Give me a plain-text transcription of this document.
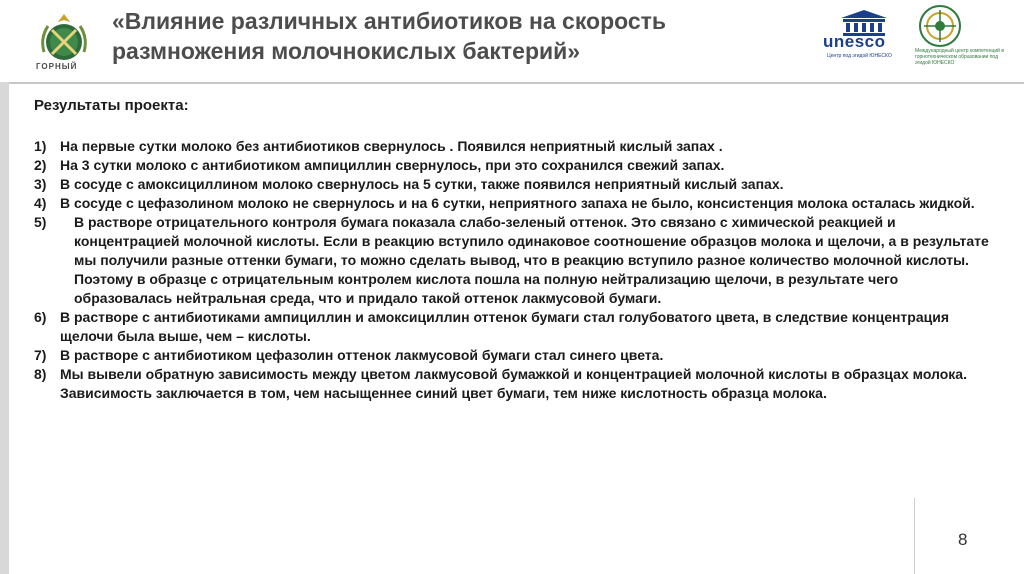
ГОРНЫЙ
«Влияние различных антибиотиков на скорость размножения молочнокислых бактерий»	unesco
Центр под эгидой ЮНЕСКО
Международный центр компетенций в горнотехническом образовании под эгидой ЮНЕСКО
Результаты проекта:
1) На первые сутки молоко без антибиотиков свернулось . Появился неприятный кислый запах .
2) На 3 сутки молоко с антибиотиком ампициллин свернулось, при это сохранился свежий запах.
3) В сосуде с амоксициллином молоко свернулось на 5 сутки, также появился неприятный кислый запах.
4) В сосуде с цефазолином молоко не свернулось и на 6 сутки, неприятного запаха не было, консистенция молока осталась жидкой.
5)	В растворе отрицательного контроля бумага показала слабо-зеленый оттенок. Это связано с химической реакцией и концентрацией молочной кислоты. Если в реакцию вступило одинаковое соотношение образцов молока и щелочи, а в результате мы получили разные оттенки бумаги, то можно сделать вывод, что в реакцию вступило разное количество молочной кислоты. Поэтому в образце с отрицательным контролем кислота пошла на полную нейтрализацию щелочи, в результате чего образовалась нейтральная среда, что и придало такой оттенок лакмусовой бумаги.
6) В растворе с антибиотиками ампициллин и амоксициллин оттенок бумаги стал голубоватого цвета, в следствие концентрация щелочи была выше, чем – кислоты.
7) В растворе с антибиотиком цефазолин оттенок лакмусовой бумаги стал синего цвета.
8) Мы вывели обратную зависимость между цветом лакмусовой бумажкой и концентрацией молочной кислоты в образцах молока. Зависимость заключается в том, чем насыщеннее синий цвет бумаги, тем ниже кислотность образца молока.
8
